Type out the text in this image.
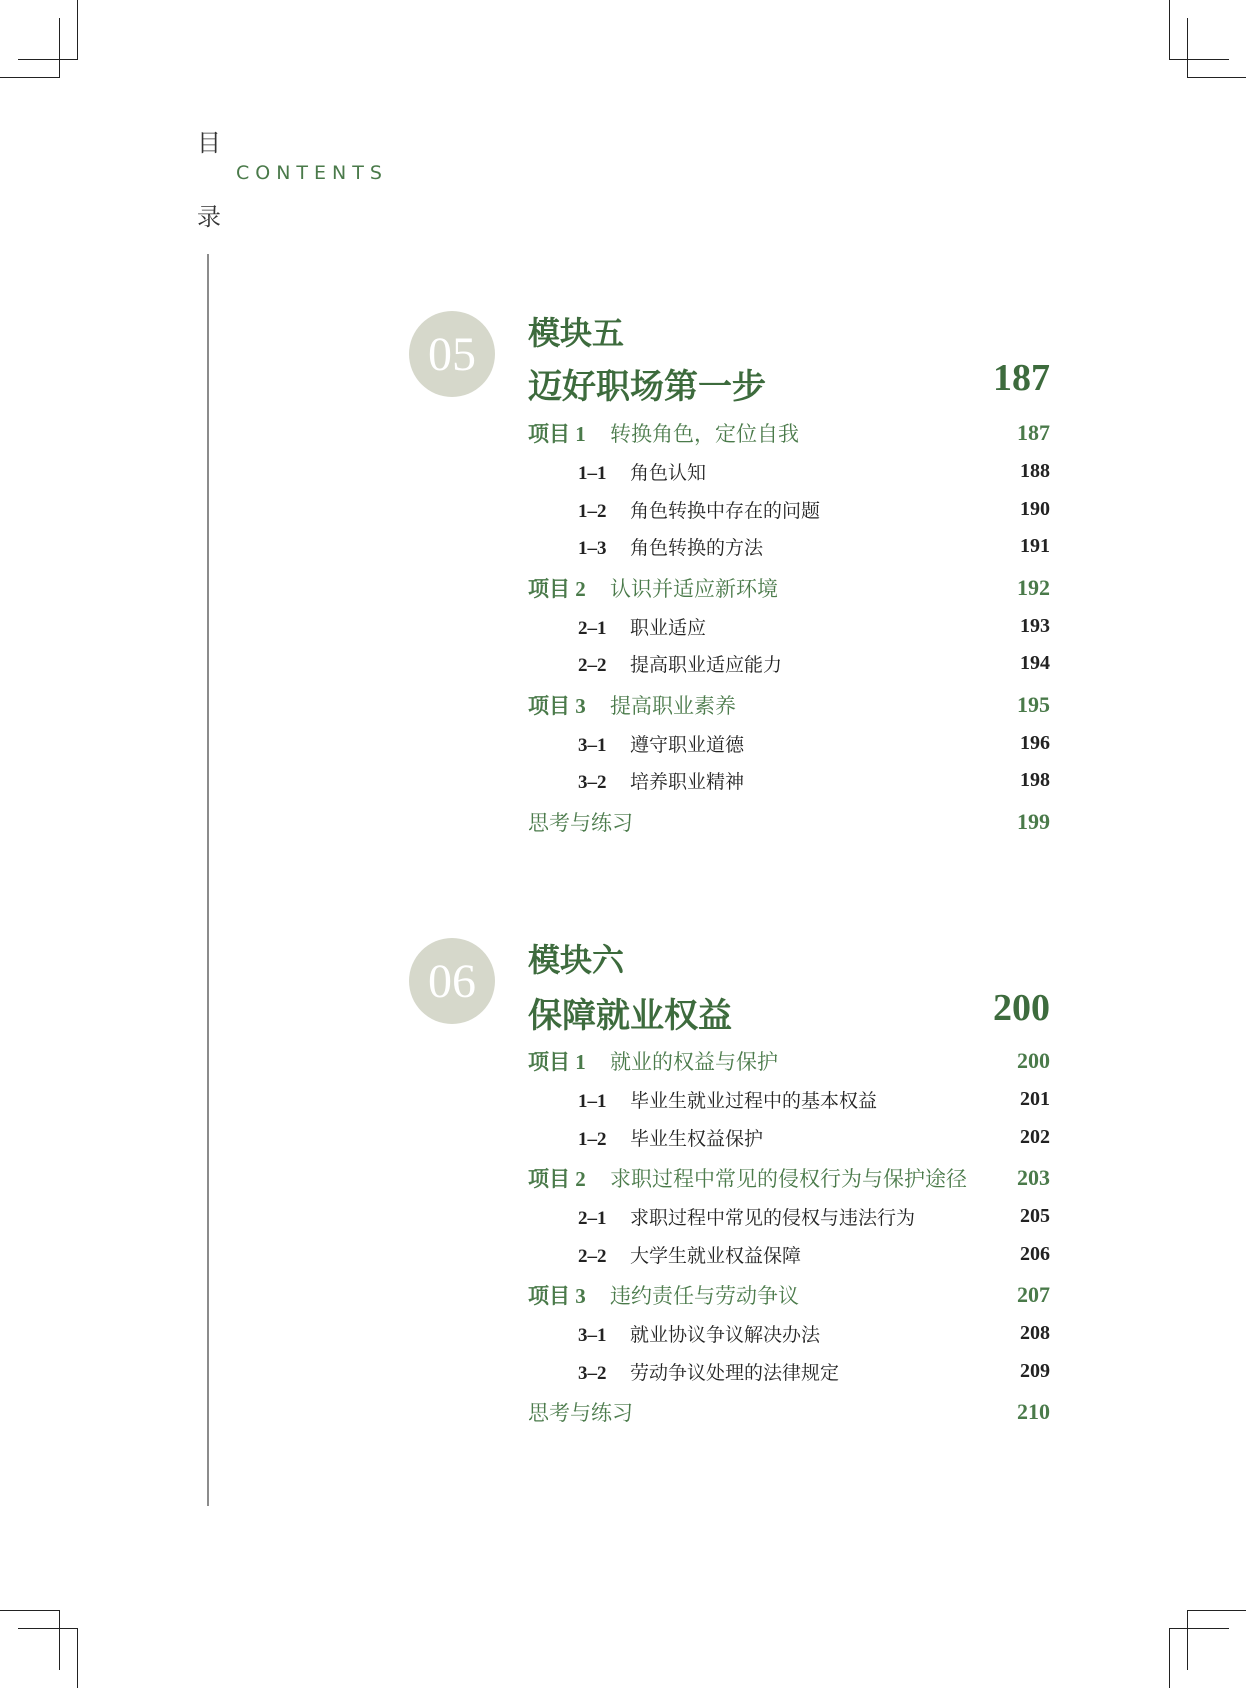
目
CONTENTS
录
05	模块五
迈好职场第一步	187
项目 1 转换角色，定位自我	187
1–1 角色认知	188
1–2 角色转换中存在的问题	190
1–3 角色转换的方法	191
项目 2 认识并适应新环境	192
2–1 职业适应	193
2–2 提高职业适应能力	194
项目 3 提高职业素养	195
3–1 遵守职业道德	196
3–2 培养职业精神	198
思考与练习	199
06	模块六
保障就业权益	200
项目 1 就业的权益与保护	200
1–1 毕业生就业过程中的基本权益	201
1–2 毕业生权益保护	202
项目 2 求职过程中常见的侵权行为与保护途径 203
2–1 求职过程中常见的侵权与违法行为	205
2–2 大学生就业权益保障	206
项目 3 违约责任与劳动争议	207
3–1 就业协议争议解决办法	208
3–2 劳动争议处理的法律规定	209
思考与练习	210
